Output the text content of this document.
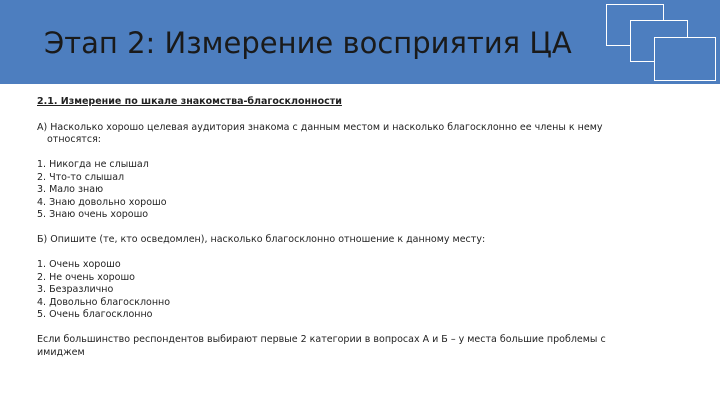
Этап 2: Измерение восприятия ЦА

2.1. Измерение по шкале знакомства-благосклонности

А) Насколько хорошо целевая аудитория знакома с данным местом и насколько благосклонно ее члены к нему
относятся:

1. Никогда не слышал
2. Что-то слышал
3. Мало знаю
4. Знаю довольно хорошо
5. Знаю очень хорошо

Б) Опишите (те, кто осведомлен), насколько благосклонно отношение к данному месту:

1. Очень хорошо
2. Не очень хорошо
3. Безразлично
4. Довольно благосклонно
5. Очень благосклонно

Если большинство респондентов выбирают первые 2 категории в вопросах А и Б – у места большие проблемы с
имиджем
